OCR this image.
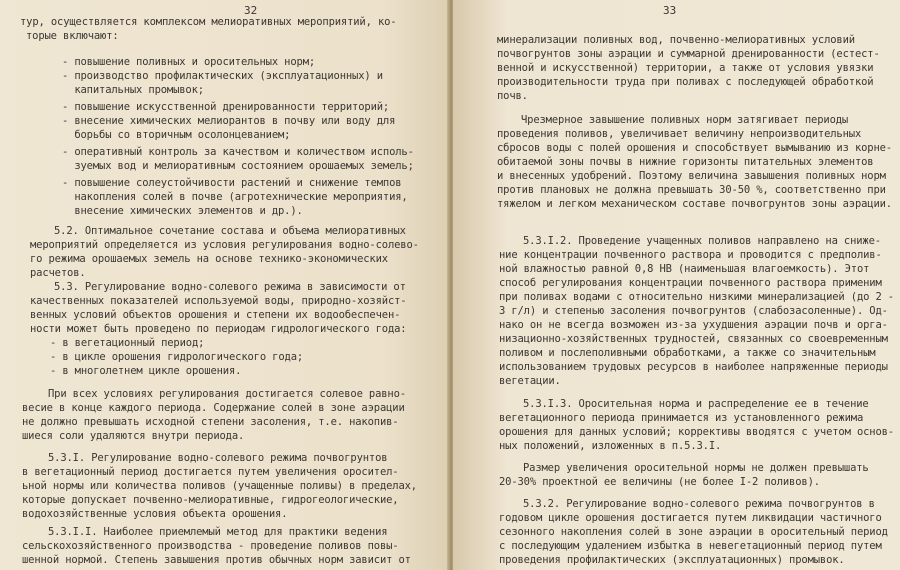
32
тур, осуществляется комплексом мелиоративных мероприятий, ко-
торые включают:
- повышение поливных и оросительных норм;
- производство профилактических (эксплуатационных) и
капитальных промывок;
- повышение искусственной дренированности территорий;
- внесение химических мелиорантов в почву или воду для
борьбы со вторичным осолонцеванием;
- оперативный контроль за качеством и количеством исполь-
зуемых вод и мелиоративным состоянием орошаемых земель;
- повышение солеустойчивости растений и снижение темпов
накопления солей в почве (агротехнические мероприятия,
внесение химических элементов и др.).
5.2. Оптимальное сочетание состава и объема мелиоративных
мероприятий определяется из условия регулирования водно-солево-
го режима орошаемых земель на основе технико-экономических
расчетов.
5.3. Регулирование водно-солевого режима в зависимости от
качественных показателей используемой воды, природно-хозяйст-
венных условий объектов орошения и степени их водообеспечен-
ности может быть проведено по периодам гидрологического года:
- в вегетационный период;
- в цикле орошения гидрологического года;
- в многолетнем цикле орошения.
При всех условиях регулирования достигается солевое равно-
весие в конце каждого периода. Содержание солей в зоне аэрации
не должно превышать исходной степени засоления, т.е. накопив-
шиеся соли удаляются внутри периода.
5.3.I. Регулирование водно-солевого режима почвогрунтов
в вегетационный период достигается путем увеличения оросител-
ьной нормы или количества поливов (учащенные поливы) в пределах,
которые допускает почвенно-мелиоративные, гидрогеологические,
водохозяйственные условия объекта орошения.
5.3.I.I. Наиболее приемлемый метод для практики ведения
сельскохозяйственного производства - проведение поливов повы-
шенной нормой. Степень завышения против обычных норм зависит от
33
минерализации поливных вод, почвенно-мелиоративных условий
почвогрунтов зоны аэрации и суммарной дренированности (естест-
венной и искусственной) территории, а также от условия увязки
производительности труда при поливах с последующей обработкой
почв.
Чрезмерное завышение поливных норм затягивает периоды
проведения поливов, увеличивает величину непроизводительных
сбросов воды с полей орошения и способствует вымыванию из корне-
обитаемой зоны почвы в нижние горизонты питательных элементов
и внесенных удобрений. Поэтому величина завышения поливных норм
против плановых не должна превышать 30-50 %, соответственно при
тяжелом и легком механическом составе почвогрунтов зоны аэрации.
5.3.I.2. Проведение учащенных поливов направлено на сниже-
ние концентрации почвенного раствора и проводится с предполив-
ной влажностью равной 0,8 НВ (наименьшая влагоемкость). Этот
способ регулирования концентрации почвенного раствора применим
при поливах водами с относительно низкими минерализацией (до 2 -
3 г/л) и степенью засоления почвогрунтов (слабозасоленные). Од-
нако он не всегда возможен из-за ухудшения аэрации почв и орга-
низационно-хозяйственных трудностей, связанных со своевременным
поливом и послеполивными обработками, а также со значительным
использованием трудовых ресурсов в наиболее напряженные периоды
вегетации.
5.3.I.3. Оросительная норма и распределение ее в течение
вегетационного периода принимается из установленного режима
орошения для данных условий; коррективы вводятся с учетом основ-
ных положений, изложенных в п.5.3.I.
Размер увеличения оросительной нормы не должен превышать
20-30% проектной ее величины (не более I-2 поливов).
5.3.2. Регулирование водно-солевого режима почвогрунтов в
годовом цикле орошения достигается путем ликвидации частичного
сезонного накопления солей в зоне аэрации в оросительный период
с последующим удалением избытка в невегетационный период путем
проведения профилактических (эксплуатационных) промывок.
